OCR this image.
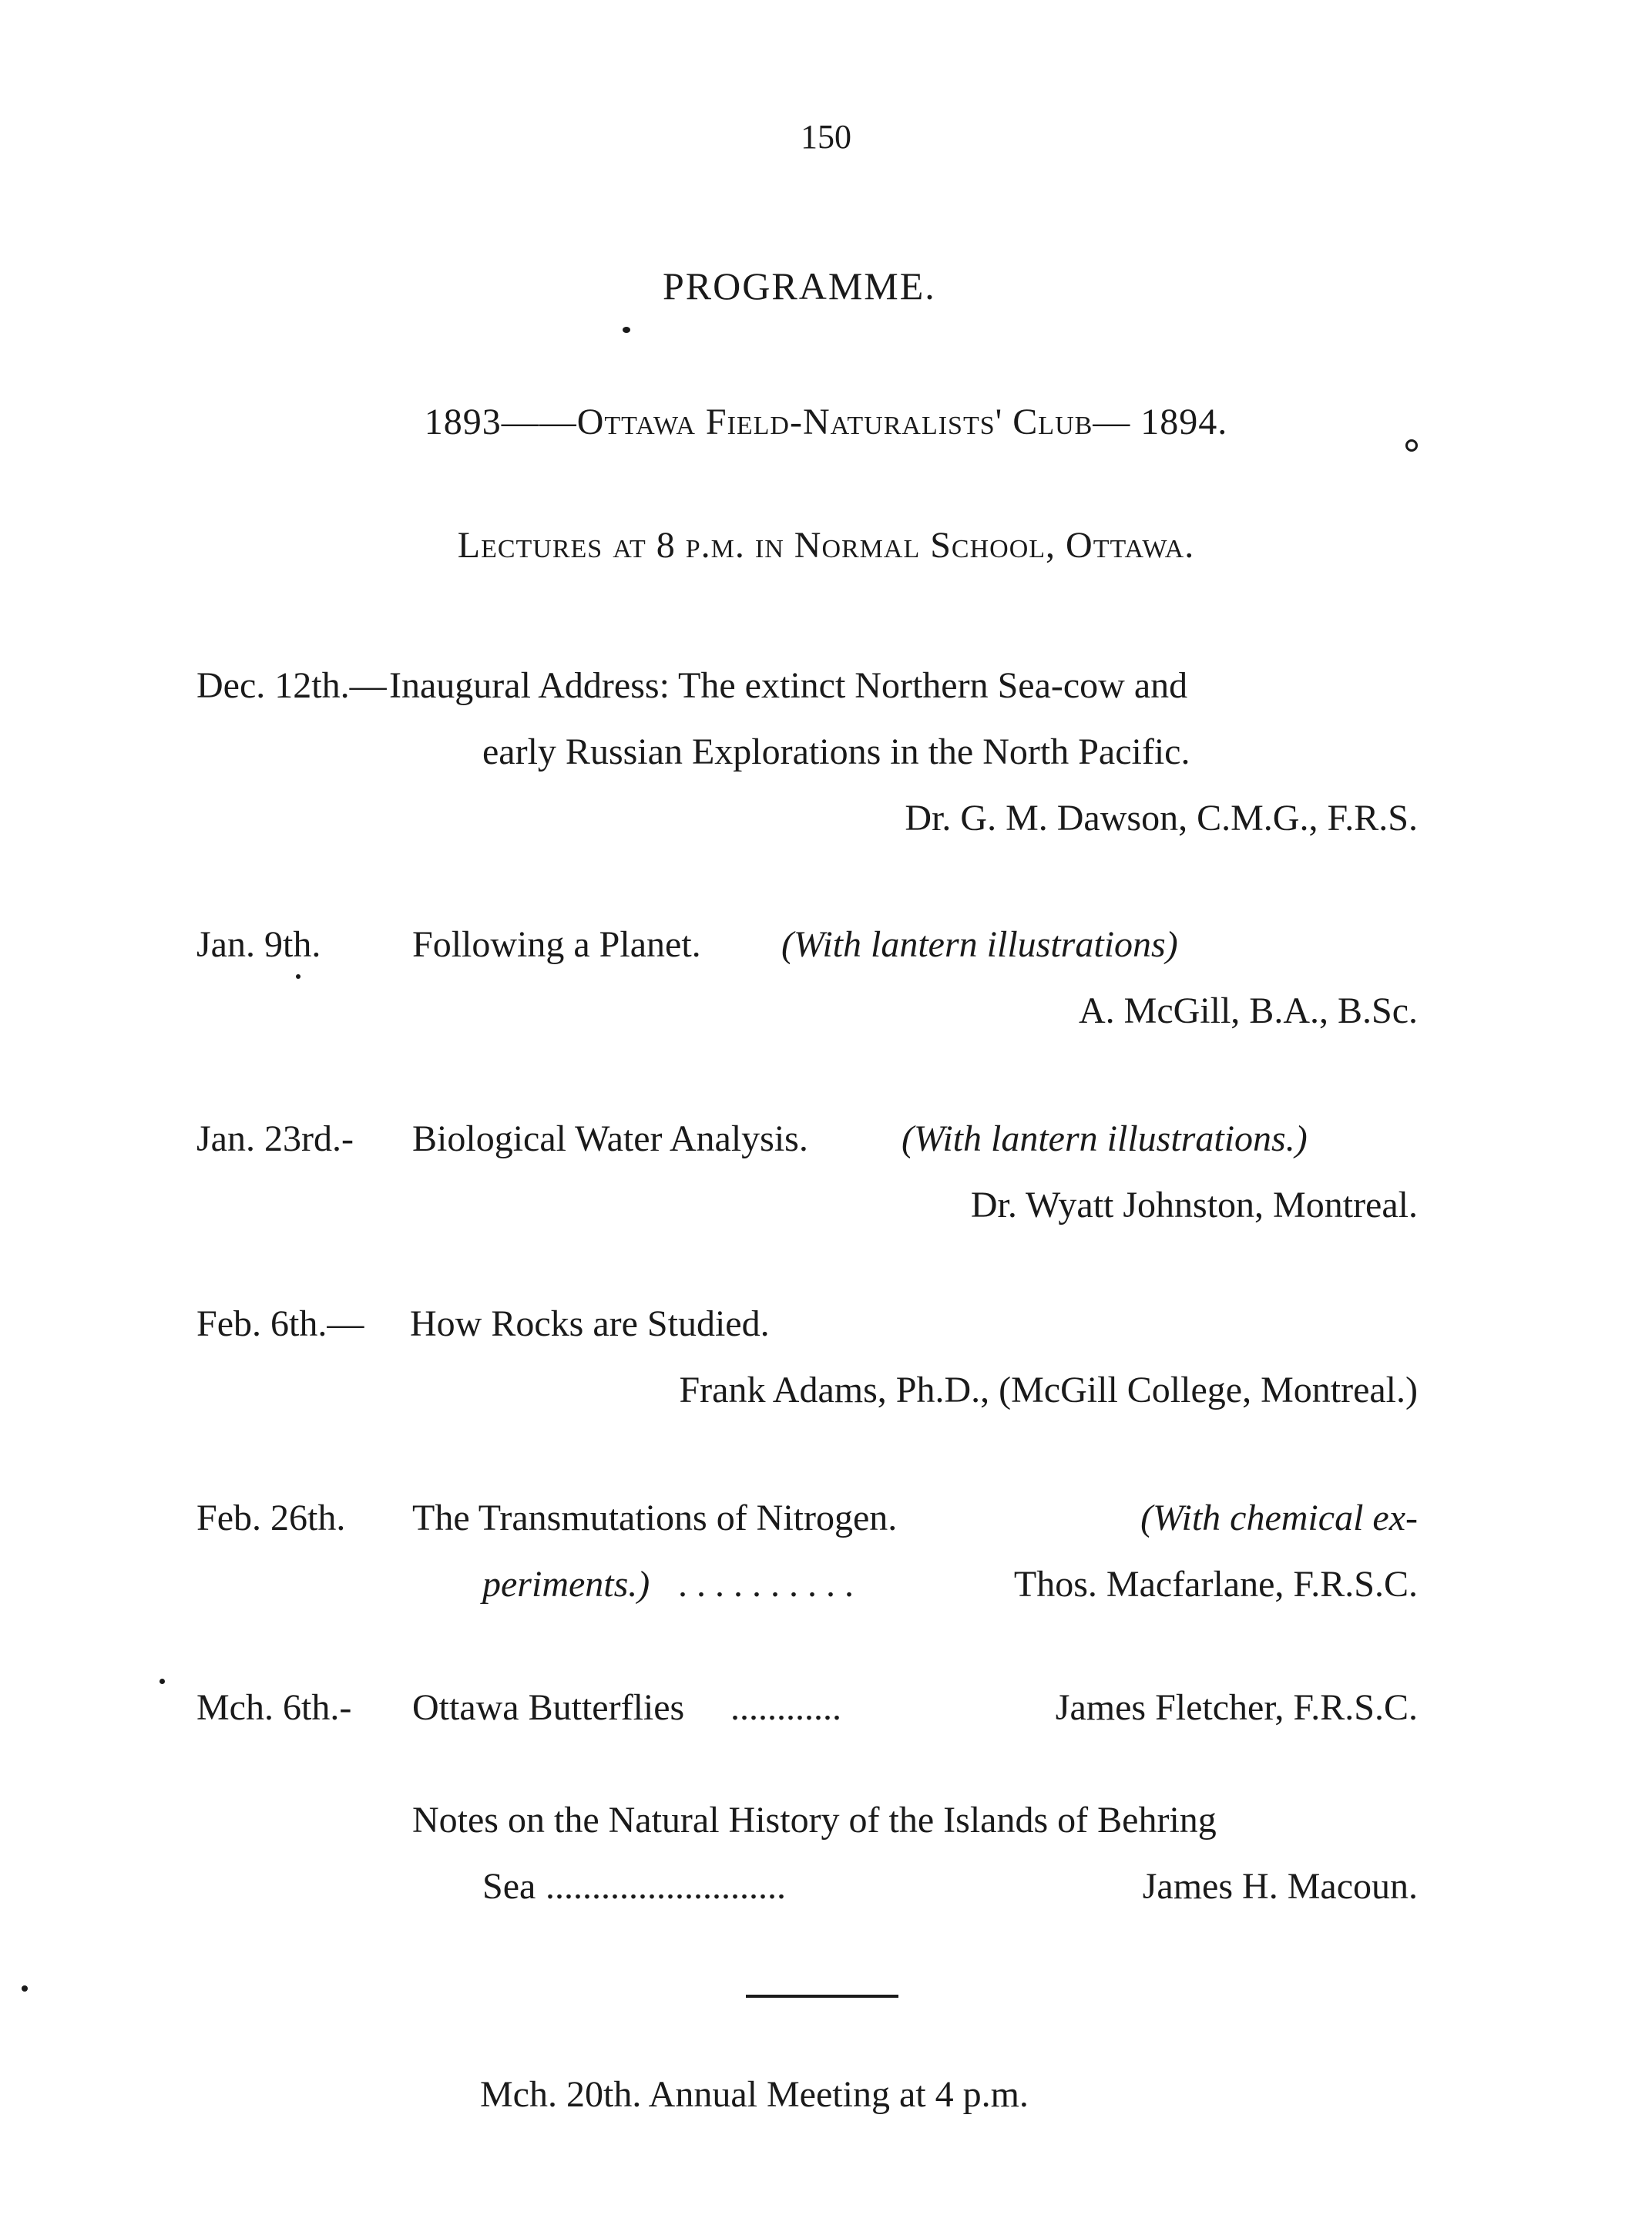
150
PROGRAMME.
1893——Ottawa Field-Naturalists' Club— 1894.
Lectures at 8 p.m. in Normal School, Ottawa.
Dec. 12th.— Inaugural Address: The extinct Northern Sea-cow and
early Russian Explorations in the North Pacific.
Dr. G. M. Dawson, C.M.G., F.R.S.
Jan. 9th. Following a Planet. (With lantern illustrations)
A. McGill, B.A., B.Sc.
Jan. 23rd.- Biological Water Analysis.	(With lantern illustrations.)
Dr. Wyatt Johnston, Montreal.
Feb. 6th.— How Rocks are Studied.
Frank Adams, Ph.D., (McGill College, Montreal.)
Feb. 26th. The Transmutations of Nitrogen.	(With chemical ex-
periments.) . . . . . . . . . .	Thos. Macfarlane, F.R.S.C.
Mch. 6th.- Ottawa Butterflies ............	James Fletcher, F.R.S.C.
Notes on the Natural History of the Islands of Behring
Sea ..........................	James H. Macoun.
Mch. 20th. Annual Meeting at 4 p.m.
